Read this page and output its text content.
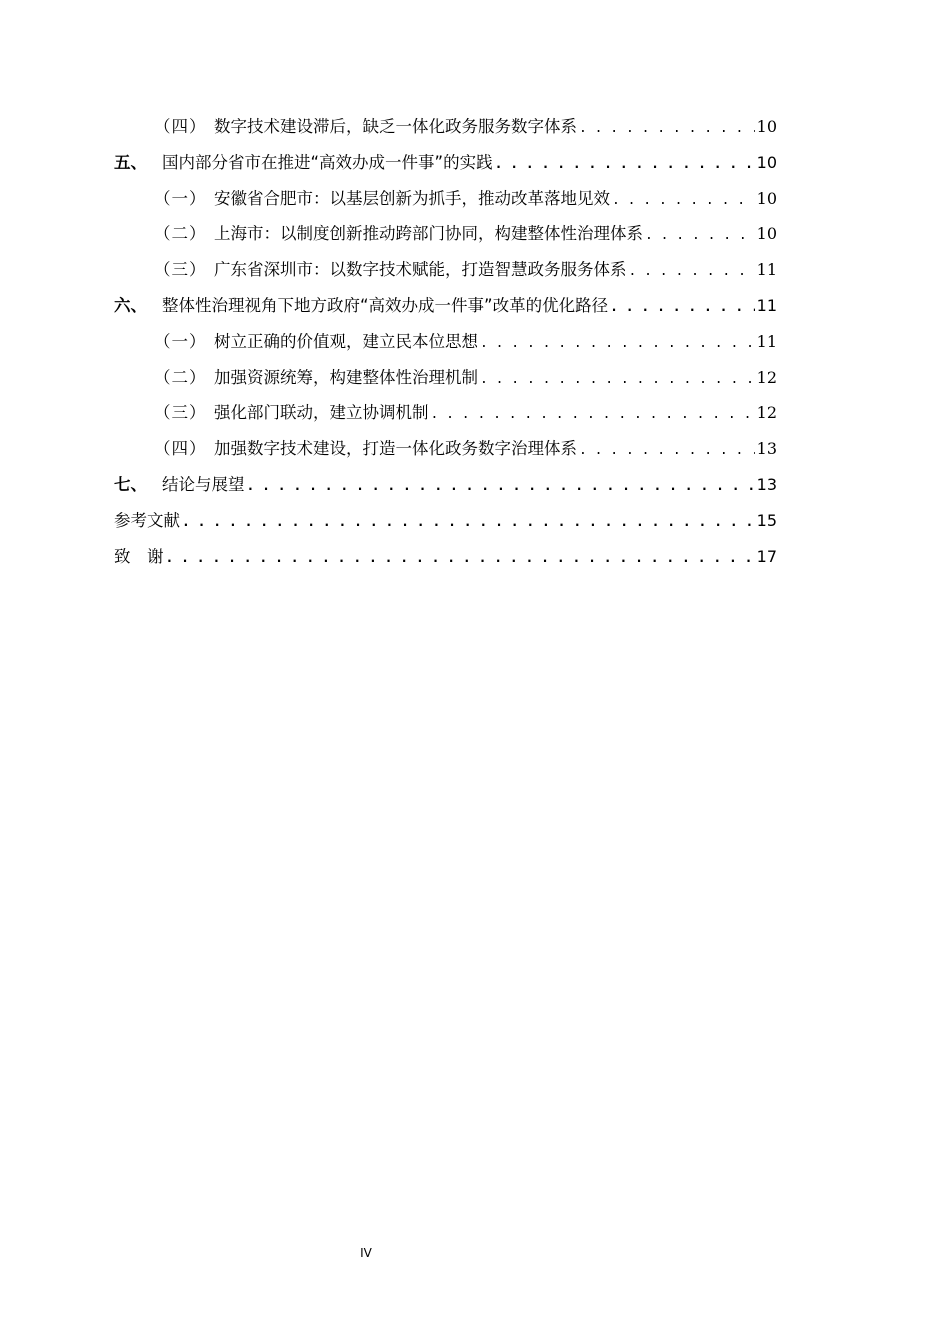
（四） 数字技术建设滞后，缺乏一体化政务服务数字体系 . . .	10
五、 国内部分省市在推进“高效办成一件事”的实践 . . .	10
（一） 安徽省合肥市：以基层创新为抓手，推动改革落地见效 . . .	10
（二） 上海市：以制度创新推动跨部门协同，构建整体性治理体系 . . .	10
（三） 广东省深圳市：以数字技术赋能，打造智慧政务服务体系 . . .	11
六、 整体性治理视角下地方政府“高效办成一件事”改革的优化路径 . . .	11
（一） 树立正确的价值观，建立民本位思想 . . .	11
（二） 加强资源统筹，构建整体性治理机制 . . .	12
（三） 强化部门联动，建立协调机制 . . .	12
（四） 加强数字技术建设，打造一体化政务数字治理体系 . . .	13
七、 结论与展望 . . .	13
参考文献 . . .	15
致　谢 . . .	17
IV
